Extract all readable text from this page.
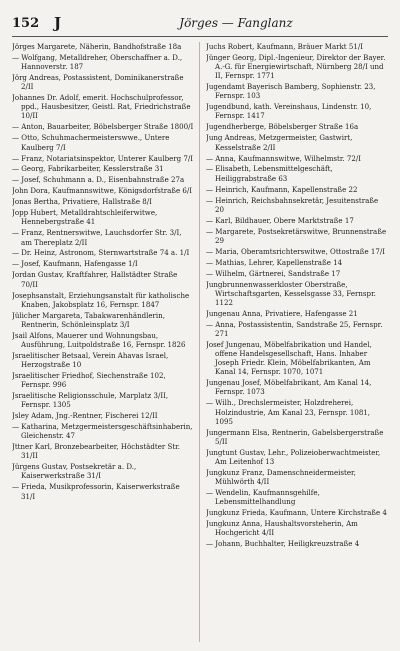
152 J	Jörges — Fanglanz
Jörges Margarete, Näherin, Bandhofstraße 18a
— Wolfgang, Metalldreher, Oberschaffner a. D., Hannoverstr. 187
Jörg Andreas, Postassistent, Dominikanerstraße 2/II
Johannes Dr. Adolf, emerit. Hochschulprofessor, ppd., Hausbesitzer, Geistl. Rat, Friedrichstraße 10/II
— Anton, Bauarbeiter, Böbelsberger Straße 1800/I
— Otto, Schuhmachermeisterswwe., Untere Kaulberg 7/I
— Franz, Notariatsinspektor, Unterer Kaulberg 7/I
— Georg, Fabrikarbeiter, Kesslerstraße 31
— Josef, Schuhmann a. D., Eisenbahnstraße 27a
John Dora, Kaufmannswitwe, Königsdorfstraße 6/I
Jonas Bertha, Privatiere, Hallstraße 8/I
Jopp Hubert, Metalldrahtschleiferwitwe, Hennebergstraße 41
— Franz, Rentnerswitwe, Lauchsdorfer Str. 3/I, am Thereplatz 2/II
— Dr. Heinz, Astronom, Sternwartstraße 74 a. 1/I
— Josef, Kaufmann, Hafengasse 1/I
Jordan Gustav, Kraftfahrer, Hallstädter Straße 70/II
Josephsanstalt, Erziehungsanstalt für katholische Knaben, Jakobsplatz 16, Fernspr. 1847
Jülicher Margareta, Tabakwarenhändlerin, Rentnerin, Schönleinsplatz 3/I
Jsail Alfons, Mauerer und Wohnungsbau, Ausführung, Luitpoldstraße 16, Fernspr. 1826
Jsraelitischer Betsaal, Verein Ahavas Israel, Herzogstraße 10
Jsraelitischer Friedhof, Siechenstraße 102, Fernspr. 996
Jsraelitische Religionsschule, Marplatz 3/II, Fernspr. 1305
Jsley Adam, Jng.-Rentner, Fischerei 12/II
— Katharina, Metzgermeistersgeschäftsinhaberin, Gleichenstr. 47
Jttner Karl, Bronzebearbeiter, Höchstädter Str. 31/II
Jürgens Gustav, Postsekretär a. D., Kaiserwerkstraße 31/I
— Frieda, Musikprofessorin, Kaiserwerkstraße 31/I
Juchs Robert, Kaufmann, Bräuer Markt 51/I
Jünger Georg, Dipl.-Ingenieur, Direktor der Bayer. A.-G. für Energiewirtschaft, Nürnberg 28/I und II, Fernspr. 1771
Jugendamt Bayerisch Bamberg, Sophienstr. 23, Fernspr. 103
Jugendbund, kath. Vereinshaus, Lindenstr. 10, Fernspr. 1417
Jugendherberge, Böbelsberger Straße 16a
Jung Andreas, Metzgermeister, Gastwirt, Kesselstraße 2/II
— Anna, Kaufmannswitwe, Wilhelmstr. 72/I
— Elisabeth, Lebensmittelgeschäft, Heiliggrabstraße 63
— Heinrich, Kaufmann, Kapellenstraße 22
— Heinrich, Reichsbahnsekretär, Jesuitenstraße 20
— Karl, Bildhauer, Obere Marktstraße 17
— Margarete, Postsekretärswitwe, Brunnenstraße 29
— Maria, Oberamtsrichterswitwe, Ottostraße 17/I
— Mathias, Lehrer, Kapellenstraße 14
— Wilhelm, Gärtnerei, Sandstraße 17
Jungbrunnenwasserkloster Oberstraße, Wirtschaftsgarten, Kesselsgasse 33, Fernspr. 1122
Jungenau Anna, Privatiere, Hafengasse 21
— Anna, Postassistentin, Sandstraße 25, Fernspr. 271
Josef Jungenau, Möbelfabrikation und Handel, offene Handelsgesellschaft, Hans. Inhaber Joseph Friedr. Klein, Möbelfabrikanten, Am Kanal 14, Fernspr. 1070, 1071
Jungenau Josef, Möbelfabrikant, Am Kanal 14, Fernspr. 1073
— Wilh., Drechslermeister, Holzdreherei, Holzindustrie, Am Kanal 23, Fernspr. 1081, 1095
Jungermann Elsa, Rentnerin, Gabelsbergerstraße 5/II
Jungtunt Gustav, Lehr., Polizeioberwachtmeister, Am Leitenhof 13
Jungkunz Franz, Damenschneidermeister, Mühlwörth 4/II
— Wendelin, Kaufmannsgehilfe, Lebensmittelhandlung
Jungkunz Frieda, Kaufmann, Untere Kirchstraße 4
Jungkunz Anna, Haushaltsvorsteherin, Am Hochgericht 4/II
— Johann, Buchhalter, Heiligkreuzstraße 4
